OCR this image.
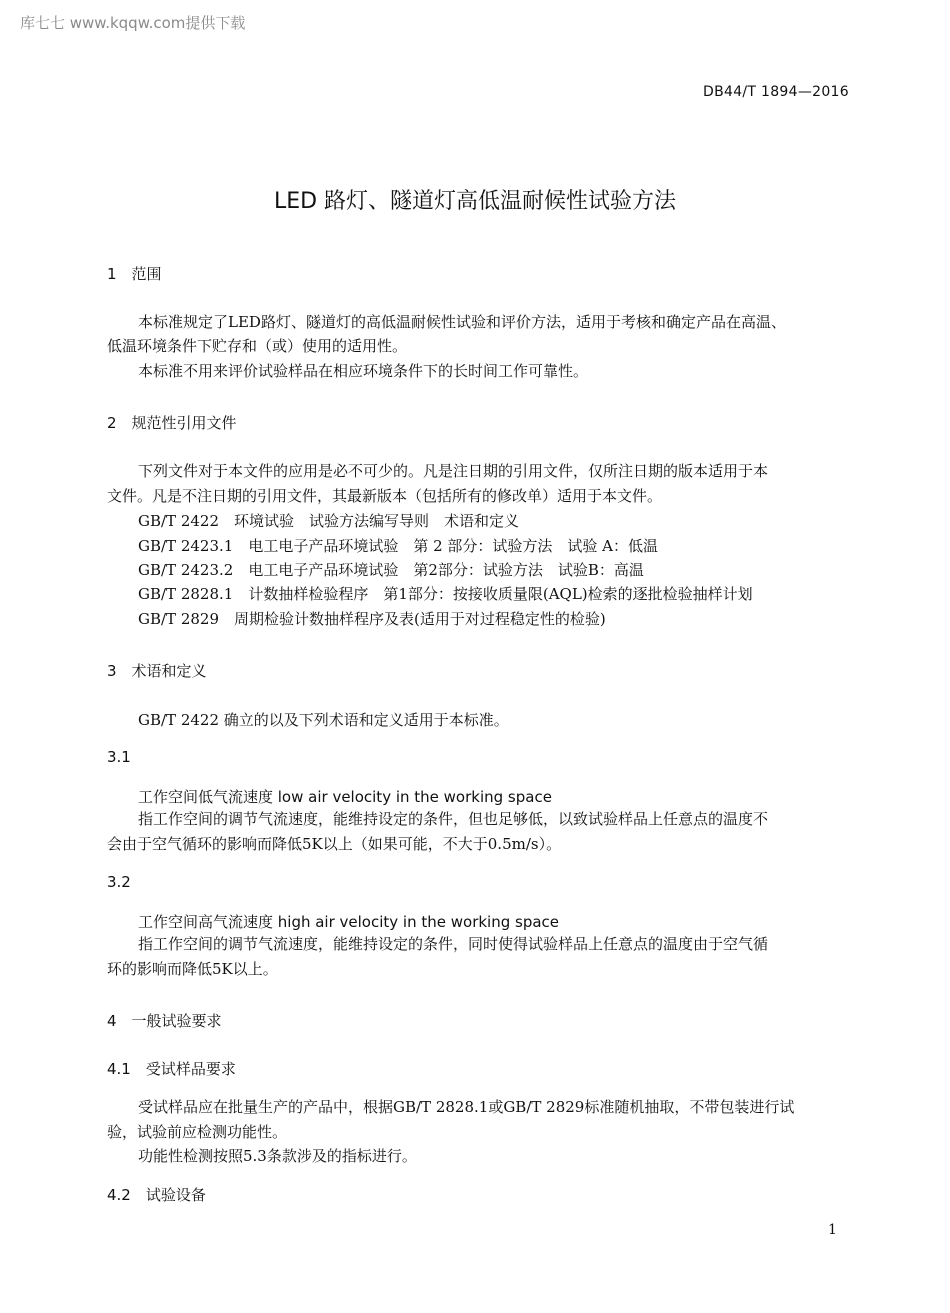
库七七 www.kqqw.com提供下载
DB44/T 1894—2016
LED 路灯、隧道灯高低温耐候性试验方法
1　范围
本标准规定了LED路灯、隧道灯的高低温耐候性试验和评价方法，适用于考核和确定产品在高温、
低温环境条件下贮存和（或）使用的适用性。
本标准不用来评价试验样品在相应环境条件下的长时间工作可靠性。
2　规范性引用文件
下列文件对于本文件的应用是必不可少的。凡是注日期的引用文件，仅所注日期的版本适用于本
文件。凡是不注日期的引用文件，其最新版本（包括所有的修改单）适用于本文件。
GB/T 2422　环境试验　试验方法编写导则　术语和定义
GB/T 2423.1　电工电子产品环境试验　第 2 部分：试验方法　试验 A：低温
GB/T 2423.2　电工电子产品环境试验　第2部分：试验方法　试验B：高温
GB/T 2828.1　计数抽样检验程序　第1部分：按接收质量限(AQL)检索的逐批检验抽样计划
GB/T 2829　周期检验计数抽样程序及表(适用于对过程稳定性的检验)
3　术语和定义
GB/T 2422 确立的以及下列术语和定义适用于本标准。
3.1
工作空间低气流速度 low air velocity in the working space
指工作空间的调节气流速度，能维持设定的条件，但也足够低，以致试验样品上任意点的温度不
会由于空气循环的影响而降低5K以上（如果可能，不大于0.5m/s）。
3.2
工作空间高气流速度 high air velocity in the working space
指工作空间的调节气流速度，能维持设定的条件，同时使得试验样品上任意点的温度由于空气循
环的影响而降低5K以上。
4　一般试验要求
4.1　受试样品要求
受试样品应在批量生产的产品中，根据GB/T 2828.1或GB/T 2829标准随机抽取，不带包装进行试
验，试验前应检测功能性。
功能性检测按照5.3条款涉及的指标进行。
4.2　试验设备
1
